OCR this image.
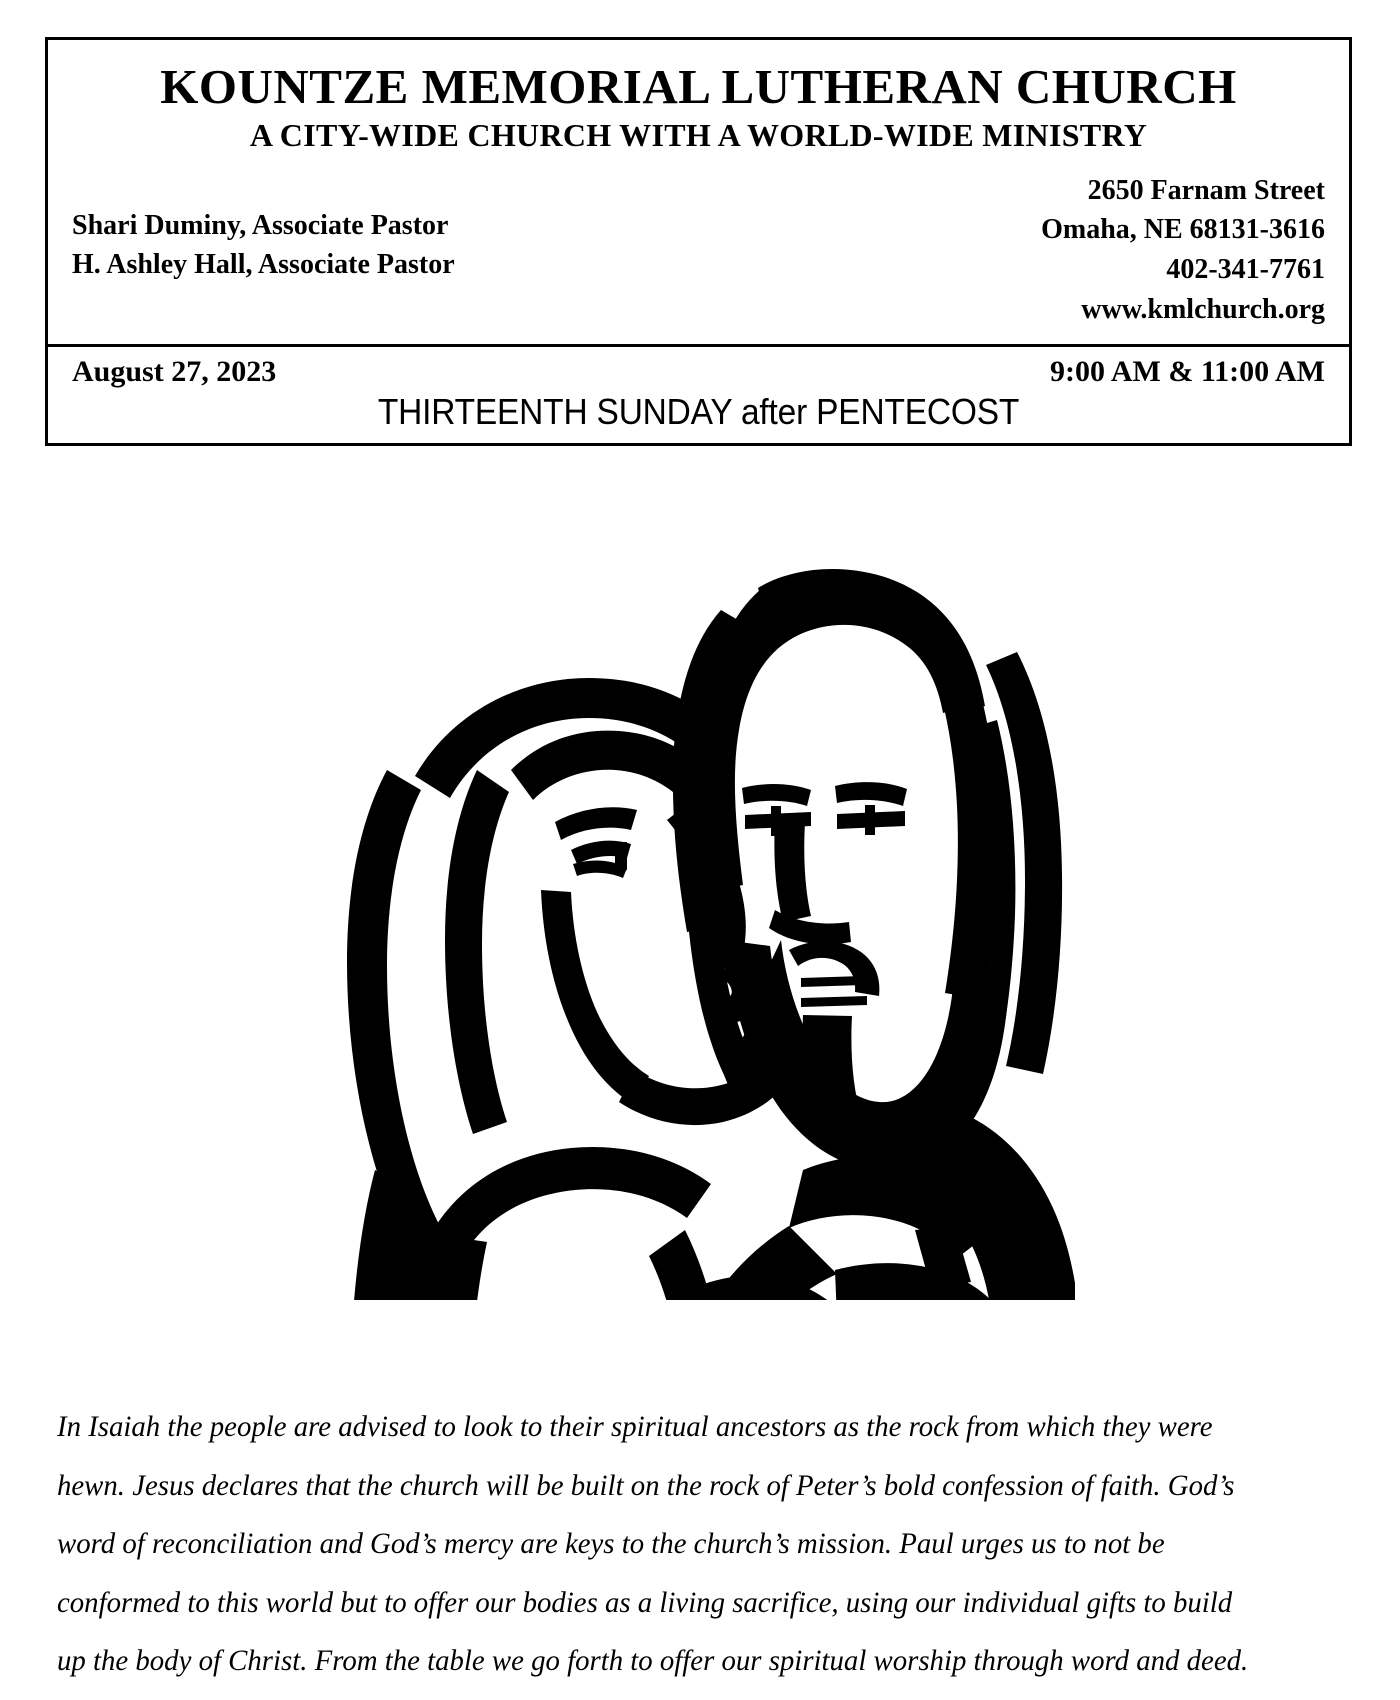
KOUNTZE MEMORIAL LUTHERAN CHURCH
A CITY-WIDE CHURCH WITH A WORLD-WIDE MINISTRY
Shari Duminy, Associate Pastor
H. Ashley Hall, Associate Pastor
2650 Farnam Street
Omaha, NE 68131-3616
402-341-7761
www.kmlchurch.org
August 27, 2023	9:00 AM & 11:00 AM
THIRTEENTH SUNDAY after PENTECOST

In Isaiah the people are advised to look to their spiritual ancestors as the rock from which they were hewn. Jesus declares that the church will be built on the rock of Peter’s bold confession of faith. God’s word of reconciliation and God’s mercy are keys to the church’s mission. Paul urges us to not be conformed to this world but to offer our bodies as a living sacrifice, using our individual gifts to build up the body of Christ. From the table we go forth to offer our spiritual worship through word and deed.
